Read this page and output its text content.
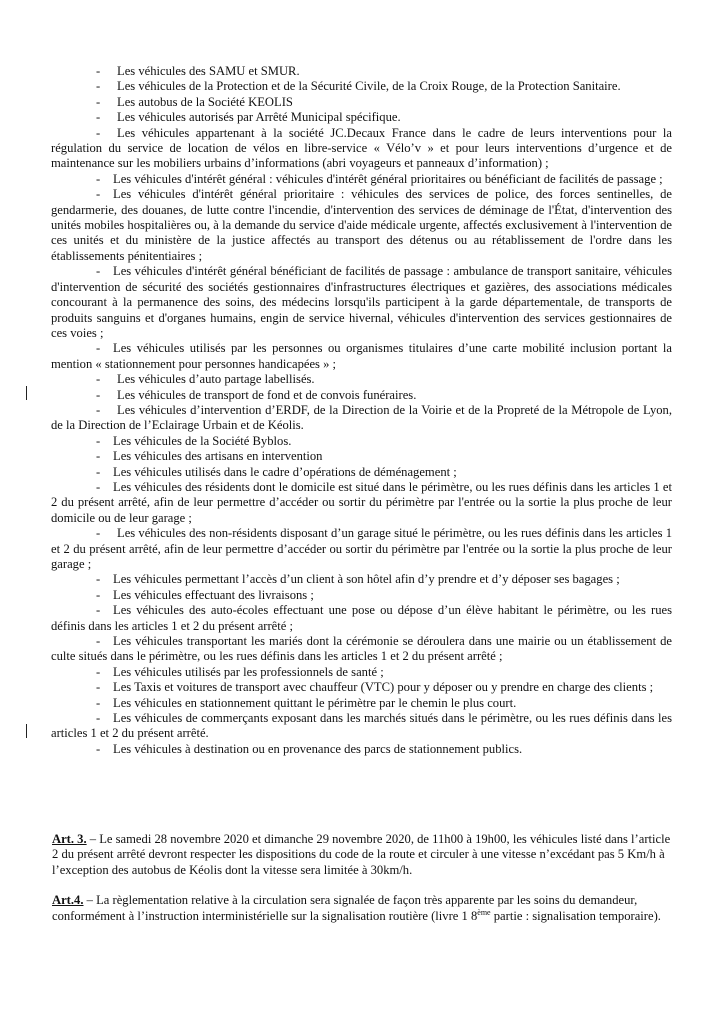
- Les véhicules des SAMU et SMUR.

- Les véhicules de la Protection et de la Sécurité Civile, de la Croix Rouge, de la Protection Sanitaire.

- Les autobus de la Société KEOLIS

- Les véhicules autorisés par Arrêté Municipal spécifique.

- Les véhicules appartenant à la société JC.Decaux France dans le cadre de leurs interventions pour la régulation du service de location de vélos en libre-service « Vélo’v » et pour leurs interventions d’urgence et de maintenance sur les mobiliers urbains d’informations (abri voyageurs et panneaux d’information) ;

- Les véhicules d'intérêt général : véhicules d'intérêt général prioritaires ou bénéficiant de facilités de passage ;

- Les véhicules d'intérêt général prioritaire : véhicules des services de police, des forces sentinelles, de gendarmerie, des douanes, de lutte contre l'incendie, d'intervention des services de déminage de l'État, d'intervention des unités mobiles hospitalières ou, à la demande du service d'aide médicale urgente, affectés exclusivement à l'intervention de ces unités et du ministère de la justice affectés au transport des détenus ou au rétablissement de l'ordre dans les établissements pénitentiaires ;

- Les véhicules d'intérêt général bénéficiant de facilités de passage : ambulance de transport sanitaire, véhicules d'intervention de sécurité des sociétés gestionnaires d'infrastructures électriques et gazières, des associations médicales concourant à la permanence des soins, des médecins lorsqu'ils participent à la garde départementale, de transports de produits sanguins et d'organes humains, engin de service hivernal, véhicules d'intervention des services gestionnaires de ces voies ;

- Les véhicules utilisés par les personnes ou organismes titulaires d’une carte mobilité inclusion portant la mention « stationnement pour personnes handicapées » ;

- Les véhicules d’auto partage labellisés.

- Les véhicules de transport de fond et de convois funéraires.

- Les véhicules d’intervention d’ERDF, de la Direction de la Voirie et de la Propreté de la Métropole de Lyon, de la Direction de l’Eclairage Urbain et de Kéolis.

- Les véhicules de la Société Byblos.

- Les véhicules des artisans en intervention

- Les véhicules utilisés dans le cadre d’opérations de déménagement ;

- Les véhicules des résidents dont le domicile est situé dans le périmètre, ou les rues définis dans les articles 1 et 2 du présent arrêté, afin de leur permettre d’accéder ou sortir du périmètre par l'entrée ou la sortie la plus proche de leur domicile ou de leur garage ;

- Les véhicules des non-résidents disposant d’un garage situé le périmètre, ou les rues définis dans les articles 1 et 2 du présent arrêté, afin de leur permettre d’accéder ou sortir du périmètre par l'entrée ou la sortie la plus proche de leur garage ;

- Les véhicules permettant l’accès d’un client à son hôtel afin d’y prendre et d’y déposer ses bagages ;

- Les véhicules effectuant des livraisons ;

- Les véhicules des auto-écoles effectuant une pose ou dépose d’un élève habitant le périmètre, ou les rues définis dans les articles 1 et 2 du présent arrêté ;

- Les véhicules transportant les mariés dont la cérémonie se déroulera dans une mairie ou un établissement de culte situés dans le périmètre, ou les rues définis dans les articles 1 et 2 du présent arrêté ;

- Les véhicules utilisés par les professionnels de santé ;

- Les Taxis et voitures de transport avec chauffeur (VTC) pour y déposer ou y prendre en charge des clients ;

- Les véhicules en stationnement quittant le périmètre par le chemin le plus court.

- Les véhicules de commerçants exposant dans les marchés situés dans le périmètre, ou les rues définis dans les articles 1 et 2 du présent arrêté.

- Les véhicules à destination ou en provenance des parcs de stationnement publics.

Art. 3. – Le samedi 28 novembre 2020 et dimanche 29 novembre 2020, de 11h00 à 19h00, les véhicules listé dans l’article 2 du présent arrêté devront respecter les dispositions du code de la route et circuler à une vitesse n’excédant pas 5 Km/h à l’exception des autobus de Kéolis dont la vitesse sera limitée à 30km/h.

Art.4. – La règlementation relative à la circulation sera signalée de façon très apparente par les soins du demandeur, conformément à l’instruction interministérielle sur la signalisation routière (livre 1 8ème partie : signalisation temporaire).
